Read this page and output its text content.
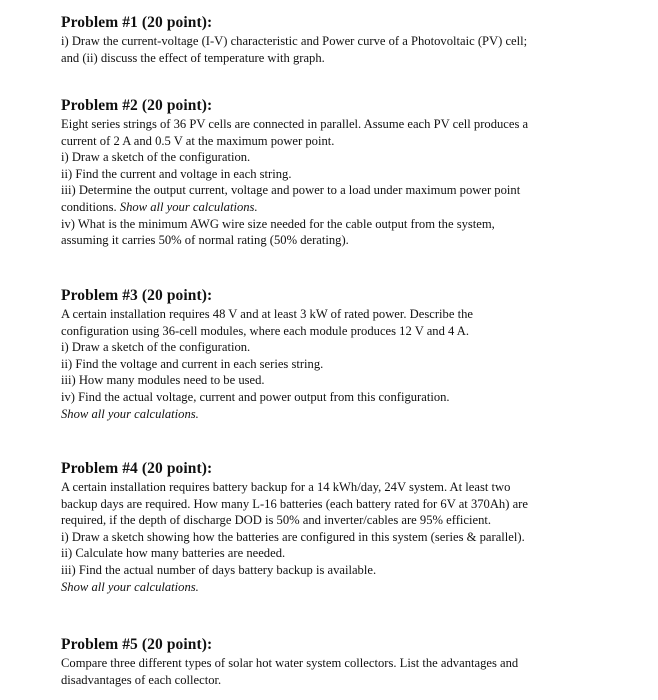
Problem #1 (20 point):
i) Draw the current-voltage (I-V) characteristic and Power curve of a Photovoltaic (PV) cell;
and (ii) discuss the effect of temperature with graph.
Problem #2 (20 point):
Eight series strings of 36 PV cells are connected in parallel. Assume each PV cell produces a
current of 2 A and 0.5 V at the maximum power point.
i) Draw a sketch of the configuration.
ii) Find the current and voltage in each string.
iii) Determine the output current, voltage and power to a load under maximum power point
conditions. Show all your calculations.
iv) What is the minimum AWG wire size needed for the cable output from the system,
assuming it carries 50% of normal rating (50% derating).
Problem #3 (20 point):
A certain installation requires 48 V and at least 3 kW of rated power. Describe the
configuration using 36-cell modules, where each module produces 12 V and 4 A.
i) Draw a sketch of the configuration.
ii) Find the voltage and current in each series string.
iii) How many modules need to be used.
iv) Find the actual voltage, current and power output from this configuration.
Show all your calculations.
Problem #4 (20 point):
A certain installation requires battery backup for a 14 kWh/day, 24V system. At least two
backup days are required. How many L-16 batteries (each battery rated for 6V at 370Ah) are
required, if the depth of discharge DOD is 50% and inverter/cables are 95% efficient.
i) Draw a sketch showing how the batteries are configured in this system (series & parallel).
ii) Calculate how many batteries are needed.
iii) Find the actual number of days battery backup is available.
Show all your calculations.
Problem #5 (20 point):
Compare three different types of solar hot water system collectors. List the advantages and
disadvantages of each collector.
